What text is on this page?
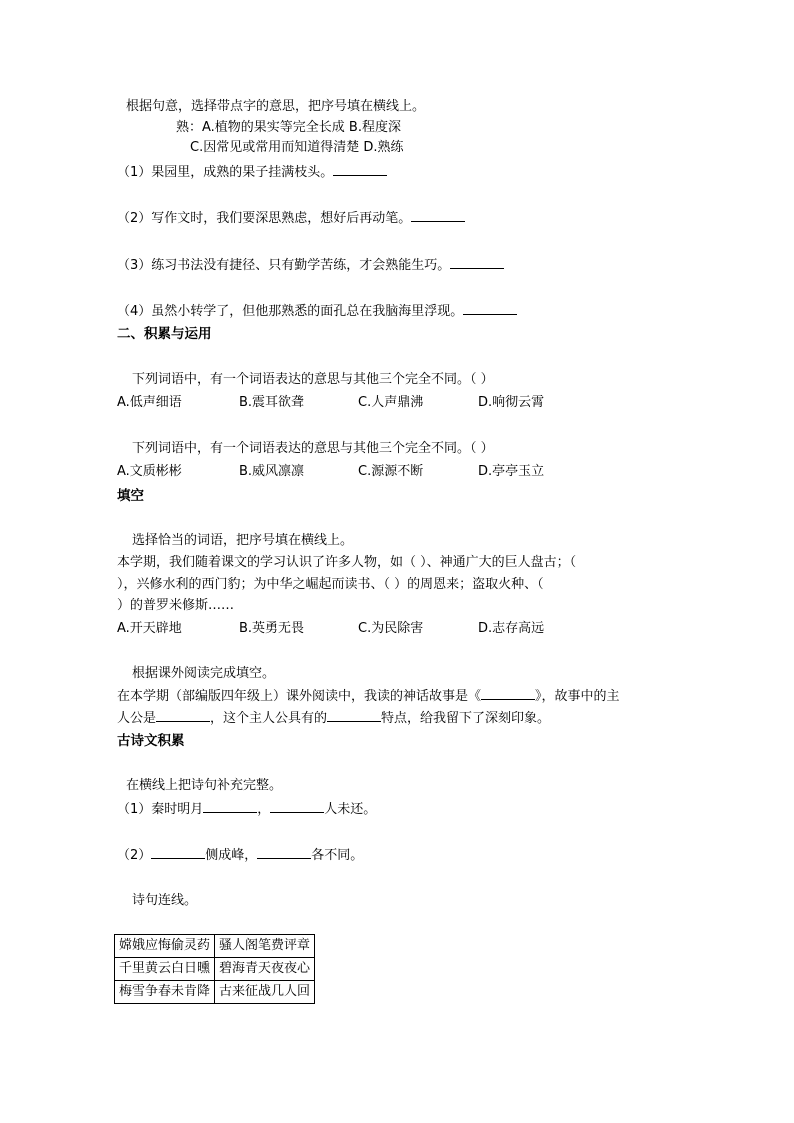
根据句意，选择带点字的意思，把序号填在横线上。
熟：A.植物的果实等完全长成 B.程度深
C.因常见或常用而知道得清楚 D.熟练
（1）果园里，成熟的果子挂满枝头。
（2）写作文时，我们要深思熟虑，想好后再动笔。
（3）练习书法没有捷径、只有勤学苦练，才会熟能生巧。
（4）虽然小转学了，但他那熟悉的面孔总在我脑海里浮现。
二、积累与运用
下列词语中，有一个词语表达的意思与其他三个完全不同。（ ）
A.低声细语	B.震耳欲聋	C.人声鼎沸	D.响彻云霄
下列词语中，有一个词语表达的意思与其他三个完全不同。（ ）
A.文质彬彬	B.威风凛凛	C.源源不断	D.亭亭玉立
填空
选择恰当的词语，把序号填在横线上。
本学期，我们随着课文的学习认识了许多人物，如（ ）、神通广大的巨人盘古；（
），兴修水利的西门豹；为中华之崛起而读书、（ ）的周恩来；盗取火种、（
）的普罗米修斯……
A.开天辟地	B.英勇无畏	C.为民除害	D.志存高远
根据课外阅读完成填空。
在本学期（部编版四年级上）课外阅读中，我读的神话故事是《	》，故事中的主
人公是	，这个主人公具有的	特点，给我留下了深刻印象。
古诗文积累
在横线上把诗句补充完整。
（1）秦时明月	，	人未还。
（2）	侧成峰，	各不同。
诗句连线。
嫦娥应悔偷灵药	骚人阁笔费评章
千里黄云白日曛	碧海青天夜夜心
梅雪争春未肯降	古来征战几人回
